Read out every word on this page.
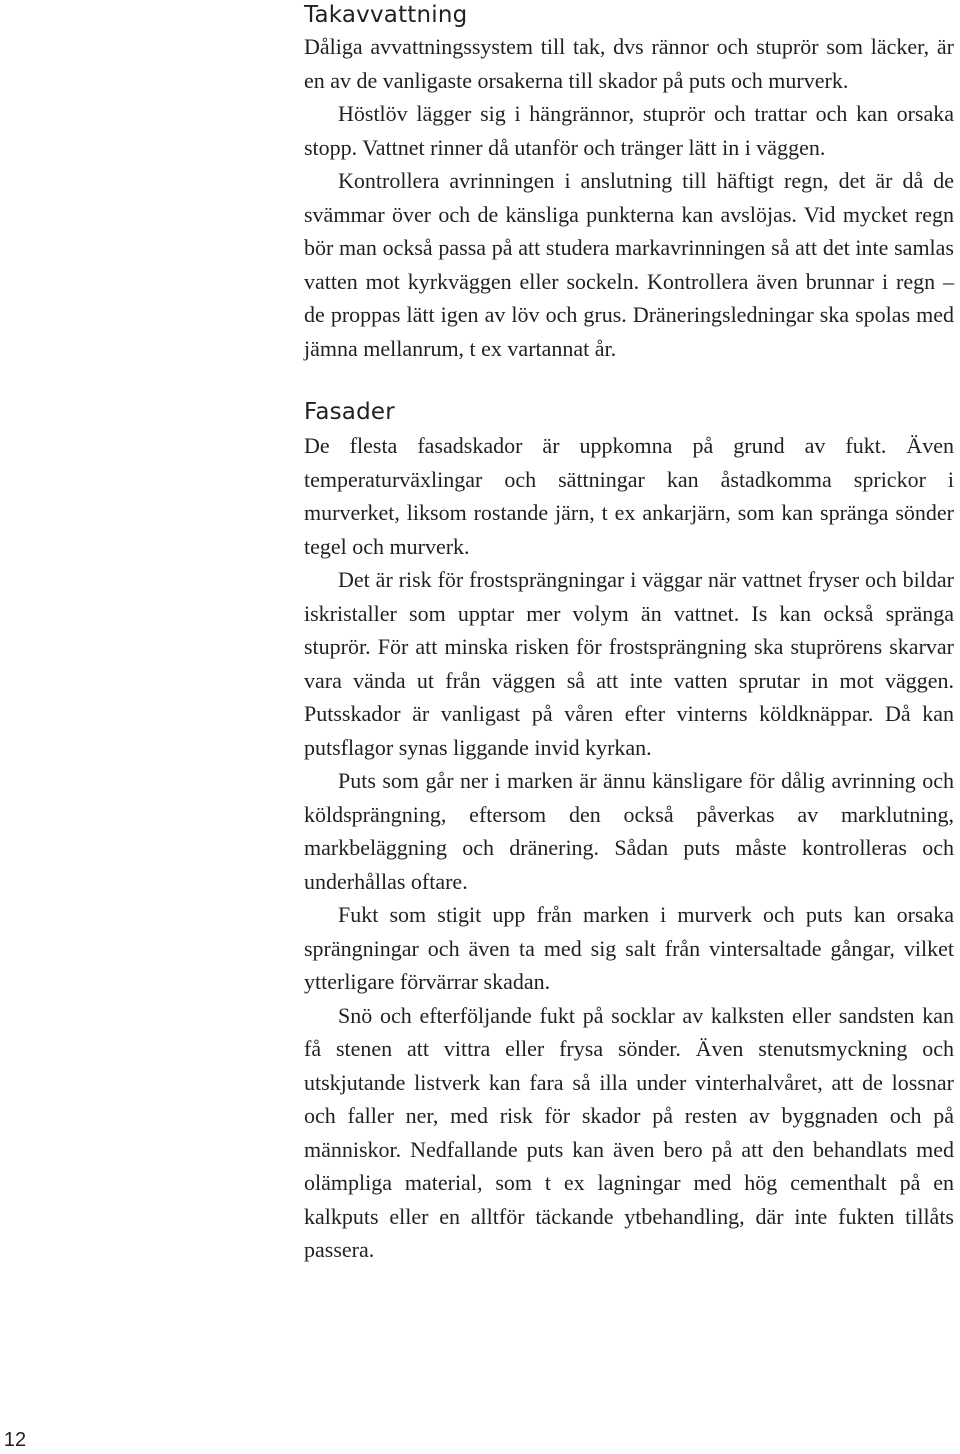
Takavvattning

Dåliga avvattningssystem till tak, dvs rännor och stuprör som läcker, är en av de vanligaste orsakerna till skador på puts och murverk.

Höstlöv lägger sig i hängrännor, stuprör och trattar och kan orsaka stopp. Vattnet rinner då utanför och tränger lätt in i väggen.

Kontrollera avrinningen i anslutning till häftigt regn, det är då de svämmar över och de känsliga punkterna kan avslöjas. Vid mycket regn bör man också passa på att studera markavrinningen så att det inte samlas vatten mot kyrkväggen eller sockeln. Kontrollera även brunnar i regn – de proppas lätt igen av löv och grus. Dräneringsledningar ska spolas med jämna mellanrum, t ex vartannat år.

Fasader

De flesta fasadskador är uppkomna på grund av fukt. Även temperaturväxlingar och sättningar kan åstadkomma sprickor i murverket, liksom rostande järn, t ex ankarjärn, som kan spränga sönder tegel och murverk.

Det är risk för frostsprängningar i väggar när vattnet fryser och bildar iskristaller som upptar mer volym än vattnet. Is kan också spränga stuprör. För att minska risken för frostsprängning ska stuprörens skarvar vara vända ut från väggen så att inte vatten sprutar in mot väggen. Putsskador är vanligast på våren efter vinterns köldknäppar. Då kan putsflagor synas liggande invid kyrkan.

Puts som går ner i marken är ännu känsligare för dålig avrinning och köldsprängning, eftersom den också påverkas av marklutning, markbeläggning och dränering. Sådan puts måste kontrolleras och underhållas oftare.

Fukt som stigit upp från marken i murverk och puts kan orsaka sprängningar och även ta med sig salt från vintersaltade gångar, vilket ytterligare förvärrar skadan.

Snö och efterföljande fukt på socklar av kalksten eller sandsten kan få stenen att vittra eller frysa sönder. Även stenutsmyckning och utskjutande listverk kan fara så illa under vinterhalvåret, att de lossnar och faller ner, med risk för skador på resten av byggnaden och på människor. Nedfallande puts kan även bero på att den behandlats med olämpliga material, som t ex lagningar med hög cementhalt på en kalkputs eller en alltför täckande ytbehandling, där inte fukten tillåts passera.

12
